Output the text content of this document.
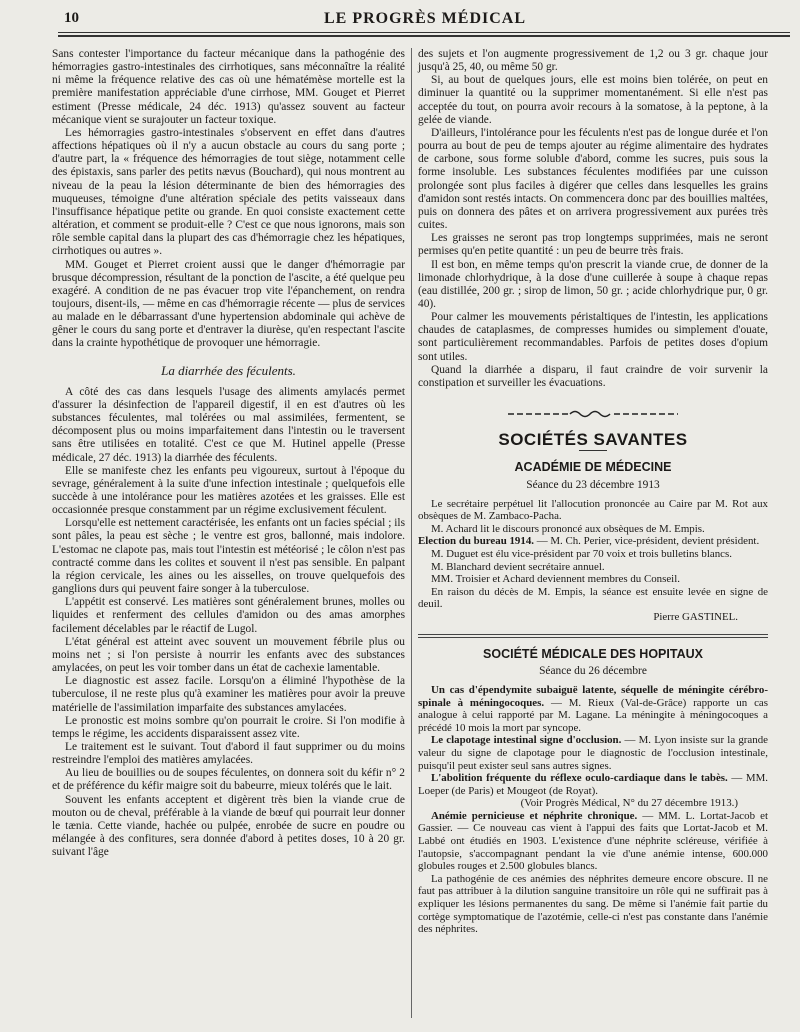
10	LE PROGRÈS MÉDICAL

Sans contester l'importance du facteur mécanique dans la pathogénie des hémorragies gastro-intestinales des cirrhotiques, sans méconnaître la réalité ni même la fréquence relative des cas où une hématémèse mortelle est la première manifestation appréciable d'une cirrhose, MM. Gouget et Pierret estiment (Presse médicale, 24 déc. 1913) qu'assez souvent au facteur mécanique vient se surajouter un facteur toxique.

Les hémorragies gastro-intestinales s'observent en effet dans d'autres affections hépatiques où il n'y a aucun obstacle au cours du sang porte ; d'autre part, la « fréquence des hémorragies de tout siège, notamment celle des épistaxis, sans parler des petits nævus (Bouchard), qui nous montrent au niveau de la peau la lésion déterminante de bien des hémorragies des muqueuses, témoigne d'une altération spéciale des petits vaisseaux dans l'insuffisance hépatique petite ou grande. En quoi consiste exactement cette altération, et comment se produit-elle ? C'est ce que nous ignorons, mais son rôle semble capital dans la plupart des cas d'hémorragie chez les hépatiques, cirrhotiques ou autres ».

MM. Gouget et Pierret croient aussi que le danger d'hémorragie par brusque décompression, résultant de la ponction de l'ascite, a été quelque peu exagéré. A condition de ne pas évacuer trop vite l'épanchement, on rendra toujours, disent-ils, — même en cas d'hémorragie récente — plus de services au malade en le débarrassant d'une hypertension abdominale qui achève de gêner le cours du sang porte et d'entraver la diurèse, qu'en respectant l'ascite dans la crainte hypothétique de provoquer une hémorragie.

La diarrhée des féculents.

A côté des cas dans lesquels l'usage des aliments amylacés permet d'assurer la désinfection de l'appareil digestif, il en est d'autres où les substances féculentes, mal tolérées ou mal assimilées, fermentent, se décomposent plus ou moins imparfaitement dans l'intestin ou le traversent sans être utilisées en totalité. C'est ce que M. Hutinel appelle (Presse médicale, 27 déc. 1913) la diarrhée des féculents.

Elle se manifeste chez les enfants peu vigoureux, surtout à l'époque du sevrage, généralement à la suite d'une infection intestinale ; quelquefois elle succède à une intolérance pour les matières azotées et les graisses. Elle est occasionnée presque constamment par un régime exclusivement féculent.

Lorsqu'elle est nettement caractérisée, les enfants ont un facies spécial ; ils sont pâles, la peau est sèche ; le ventre est gros, ballonné, mais indolore. L'estomac ne clapote pas, mais tout l'intestin est météorisé ; le côlon n'est pas contracté comme dans les colites et souvent il n'est pas sensible. En palpant la région cervicale, les aines ou les aisselles, on trouve quelquefois des ganglions durs qui peuvent faire songer à la tuberculose.

L'appétit est conservé. Les matières sont généralement brunes, molles ou liquides et renferment des cellules d'amidon ou des amas amorphes facilement décelables par le réactif de Lugol.

L'état général est atteint avec souvent un mouvement fébrile plus ou moins net ; si l'on persiste à nourrir les enfants avec des substances amylacées, on peut les voir tomber dans un état de cachexie lamentable.

Le diagnostic est assez facile. Lorsqu'on a éliminé l'hypothèse de la tuberculose, il ne reste plus qu'à examiner les matières pour avoir la preuve matérielle de l'assimilation imparfaite des substances amylacées.

Le pronostic est moins sombre qu'on pourrait le croire. Si l'on modifie à temps le régime, les accidents disparaissent assez vite.

Le traitement est le suivant. Tout d'abord il faut supprimer ou du moins restreindre l'emploi des matières amylacées.

Au lieu de bouillies ou de soupes féculentes, on donnera soit du kéfir n° 2 et de préférence du kéfir maigre soit du babeurre, mieux tolérés que le lait.

Souvent les enfants acceptent et digèrent très bien la viande crue de mouton ou de cheval, préférable à la viande de bœuf qui pourrait leur donner le tænia. Cette viande, hachée ou pulpée, enrobée de sucre en poudre ou mélangée à des confitures, sera donnée d'abord à petites doses, 10 à 20 gr. suivant l'âge

des sujets et l'on augmente progressivement de 1,2 ou 3 gr. chaque jour jusqu'à 25, 40, ou même 50 gr.

Si, au bout de quelques jours, elle est moins bien tolérée, on peut en diminuer la quantité ou la supprimer momentanément. Si elle n'est pas acceptée du tout, on pourra avoir recours à la somatose, à la peptone, à la gelée de viande.

D'ailleurs, l'intolérance pour les féculents n'est pas de longue durée et l'on pourra au bout de peu de temps ajouter au régime alimentaire des hydrates de carbone, sous forme soluble d'abord, comme les sucres, puis sous la forme insoluble. Les substances féculentes modifiées par une cuisson prolongée sont plus faciles à digérer que celles dans lesquelles les grains d'amidon sont restés intacts. On commencera donc par des bouillies maltées, puis on donnera des pâtes et on arrivera progressivement aux purées très cuites.

Les graisses ne seront pas trop longtemps supprimées, mais ne seront permises qu'en petite quantité : un peu de beurre très frais.

Il est bon, en même temps qu'on prescrit la viande crue, de donner de la limonade chlorhydrique, à la dose d'une cuillerée à soupe à chaque repas (eau distillée, 200 gr. ; sirop de limon, 50 gr. ; acide chlorhydrique pur, 0 gr. 40).

Pour calmer les mouvements péristaltiques de l'intestin, les applications chaudes de cataplasmes, de compresses humides ou simplement d'ouate, sont particulièrement recommandables. Parfois de petites doses d'opium sont utiles.

Quand la diarrhée a disparu, il faut craindre de voir survenir la constipation et surveiller les évacuations.

SOCIÉTÉS SAVANTES
ACADÉMIE DE MÉDECINE
Séance du 23 décembre 1913

Le secrétaire perpétuel lit l'allocution prononcée au Caire par M. Rot aux obsèques de M. Zambaco-Pacha.

M. Achard lit le discours prononcé aux obsèques de M. Empis.

Election du bureau 1914. — M. Ch. Perier, vice-président, devient président.

M. Duguet est élu vice-président par 70 voix et trois bulletins blancs.

M. Blanchard devient secrétaire annuel.

MM. Troisier et Achard deviennent membres du Conseil.

En raison du décès de M. Empis, la séance est ensuite levée en signe de deuil.

Pierre GASTINEL.
SOCIÉTÉ MÉDICALE DES HOPITAUX
Séance du 26 décembre

Un cas d'épendymite subaiguë latente, séquelle de méningite cérébro-spinale à méningocoques. — M. Rieux (Val-de-Grâce) rapporte un cas analogue à celui rapporté par M. Lagane. La méningite à méningocoques a précédé 10 mois la mort par syncope.

Le clapotage intestinal signe d'occlusion. — M. Lyon insiste sur la grande valeur du signe de clapotage pour le diagnostic de l'occlusion intestinale, puisqu'il peut exister seul sans autres signes.

L'abolition fréquente du réflexe oculo-cardiaque dans le tabès. — MM. Loeper (de Paris) et Mougeot (de Royat).

(Voir Progrès Médical, N° du 27 décembre 1913.)

Anémie pernicieuse et néphrite chronique. — MM. L. Lortat-Jacob et Gassier. — Ce nouveau cas vient à l'appui des faits que Lortat-Jacob et M. Labbé ont étudiés en 1903. L'existence d'une néphrite scléreuse, vérifiée à l'autopsie, s'accompagnant pendant la vie d'une anémie intense, 600.000 globules rouges et 2.500 globules blancs.

La pathogénie de ces anémies des néphrites demeure encore obscure. Il ne faut pas attribuer à la dilution sanguine transitoire un rôle qui ne suffirait pas à expliquer les lésions permanentes du sang. De même si l'anémie fait partie du cortège symptomatique de l'azotémie, celle-ci n'est pas constante dans l'anémie des néphrites.
